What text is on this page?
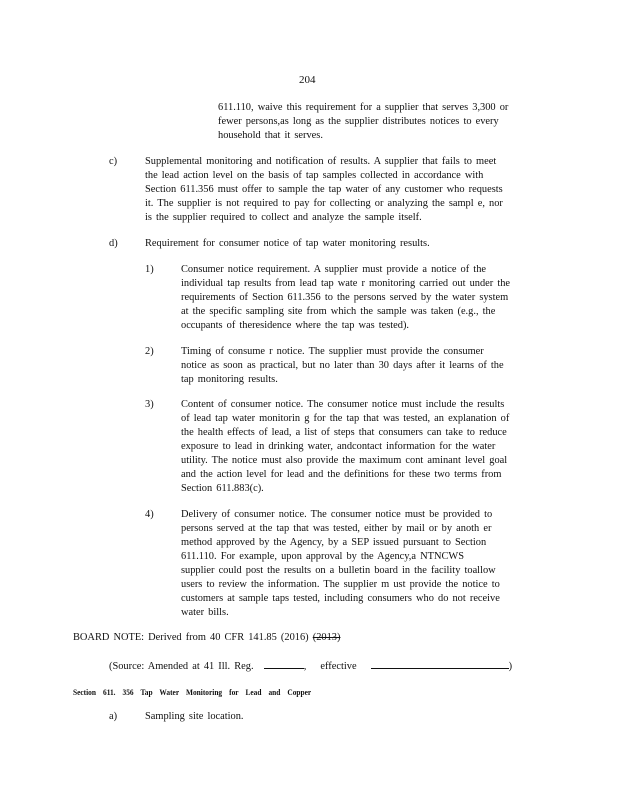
204
611.110, waive this requirement for a supplier that serves 3,300 or
fewer persons,as long as the supplier distributes notices to every
household that it serves.
c)	Supplemental monitoring and notification of results. A supplier that fails to meet
the lead action level on the basis of tap samples collected in accordance with
Section 611.356 must offer to sample the tap water of any customer who requests
it. The supplier is not required to pay for collecting or analyzing the sampl e, nor
is the supplier required to collect and analyze the sample itself.
d)	Requirement for consumer notice of tap water monitoring results.
1)	Consumer notice requirement. A supplier must provide a notice of the
individual tap results from lead tap wate r monitoring carried out under the
requirements of Section 611.356 to the persons served by the water system
at the specific sampling site from which the sample was taken (e.g., the
occupants of theresidence where the tap was tested).
2)	Timing of consume r notice. The supplier must provide the consumer
notice as soon as practical, but no later than 30 days after it learns of the
tap monitoring results.
3)	Content of consumer notice. The consumer notice must include the results
of lead tap water monitorin g for the tap that was tested, an explanation of
the health effects of lead, a list of steps that consumers can take to reduce
exposure to lead in drinking water, andcontact information for the water
utility. The notice must also provide the maximum cont aminant level goal
and the action level for lead and the definitions for these two terms from
Section 611.883(c).
4)	Delivery of consumer notice. The consumer notice must be provided to
persons served at the tap that was tested, either by mail or by anoth er
method approved by the Agency, by a SEP issued pursuant to Section
611.110. For example, upon approval by the Agency,a NTNCWS
supplier could post the results on a bulletin board in the facility toallow
users to review the information. The supplier m ust provide the notice to
customers at sample taps tested, including consumers who do not receive
water bills.
BOARD NOTE: Derived from 40 CFR 141.85 (2016) (2013)
(Source: Amended at 41 Ill. Reg.	, effective	)
Section 611. 356 Tap Water Monitoring for Lead and Copper
a)	Sampling site location.
